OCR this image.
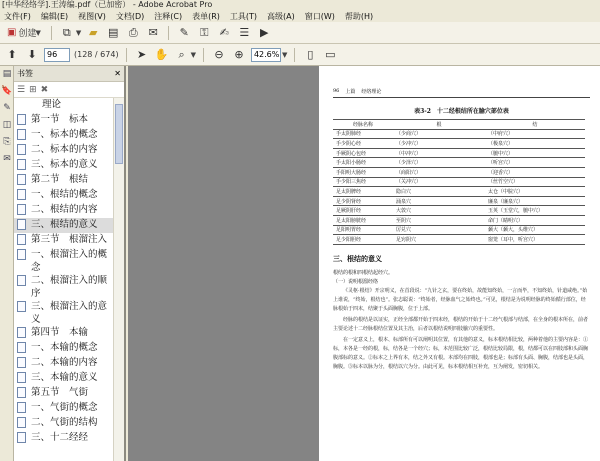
[中华经络学].王涛编.pdf（已加密） - Adobe Acrobat Pro
文件(F) 编辑(E) 视图(V) 文档(D) 注释(C) 表单(R) 工具(T) 高级(A) 窗口(W) 帮助(H)
▣ 创建 ▼ ⧉ ▼ ▰ ▤ ⎙ ✉ ✎ ⚿ ✍ ☰ ▶
⬆ ⬇
96	(128 / 674) ➤ ✋ ⌕ ▼ ⊖ ⊕
42.6%	▼ ▯ ▭
▤
🔖
✎
◫
⎘
✉
书签	✕
☰ ⊞ ✖
理论
第一节　标本
一、标本的概念
二、标本的内容
三、标本的意义
第二节　根结
一、根结的概念
二、根结的内容
三、根结的意义
第三节　根溜注入
一、根溜注入的概念
二、根溜注入的顺序
三、根溜注入的意义
第四节　本输
一、本输的概念
二、本输的内容
三、本输的意义
第五节　气街
一、气街的概念
二、气街的结构
三、十二经经
96 上篇 经络理论
表3-2　十二经根结所在腧穴部位表
经脉名称	根	结
手太阴肺经	（少商穴）	（中府穴）
手少阴心经	（少冲穴）	（极泉穴）
手厥阴心包经	（中冲穴）	（膻中穴）
手太阳小肠经	（少泽穴）	（听宫穴）
手阳明大肠经	（商阳穴）	（迎香穴）
手少阳三焦经	（关冲穴）	（丝竹空穴）
足太阴脾经	隐白穴	太仓（中脘穴）
足少阴肾经	涌泉穴	廉泉（廉泉穴）
足厥阴肝经	大敦穴	玉英（玉堂穴，膻中穴）
足太阳膀胱经	至阴穴	命门（睛明穴）
足阳明胃经	厉兑穴	颡大（颡大，头维穴）
足少阳胆经	足窍阴穴	窗笼（耳中，听宫穴）
三、根结的意义
根结的根和四根结起经穴。
（一）说明根溜经络

《灵枢·根结》开宗明义，在首段说：“九针之玄，要在终始，故能知终始，一言而毕，不知终始，针道咸绝。”始上谁说，“终始，根结也”。张志聪说：“终始者，经脉血气之始终也。”可见，根结是为说明经脉的终始循行部位，经脉根始于四末，结聚于头面胸腹，位于上部。

经脉的根结是以证实，正经全部都开始于四末经，根结的开始于十二经气根部与结部，在全身的根本所在，前者主要论述十二经脉根结位置及其主治，后者以根结说明四肢腧穴的重要性。

在一定意义上，根本、标部所有可以阐明其位置，有其他的意义，标本根结相比较，两种着他的主要内容是：①标，本各是一经的根，标，结各是一个经穴；标，本范围比较广泛，根结比较局限，根，结都可以在四肢部和头面胸腹部标的意义。②标本之上界有本，结之外又有根。本部均在四肢，根部也是；标部有头面、胸腹，结部也是头面，胸腹。③标本以脉为分，根结以穴为分。由此可见，标本根结相互补充，互为阐发，密切相关。
